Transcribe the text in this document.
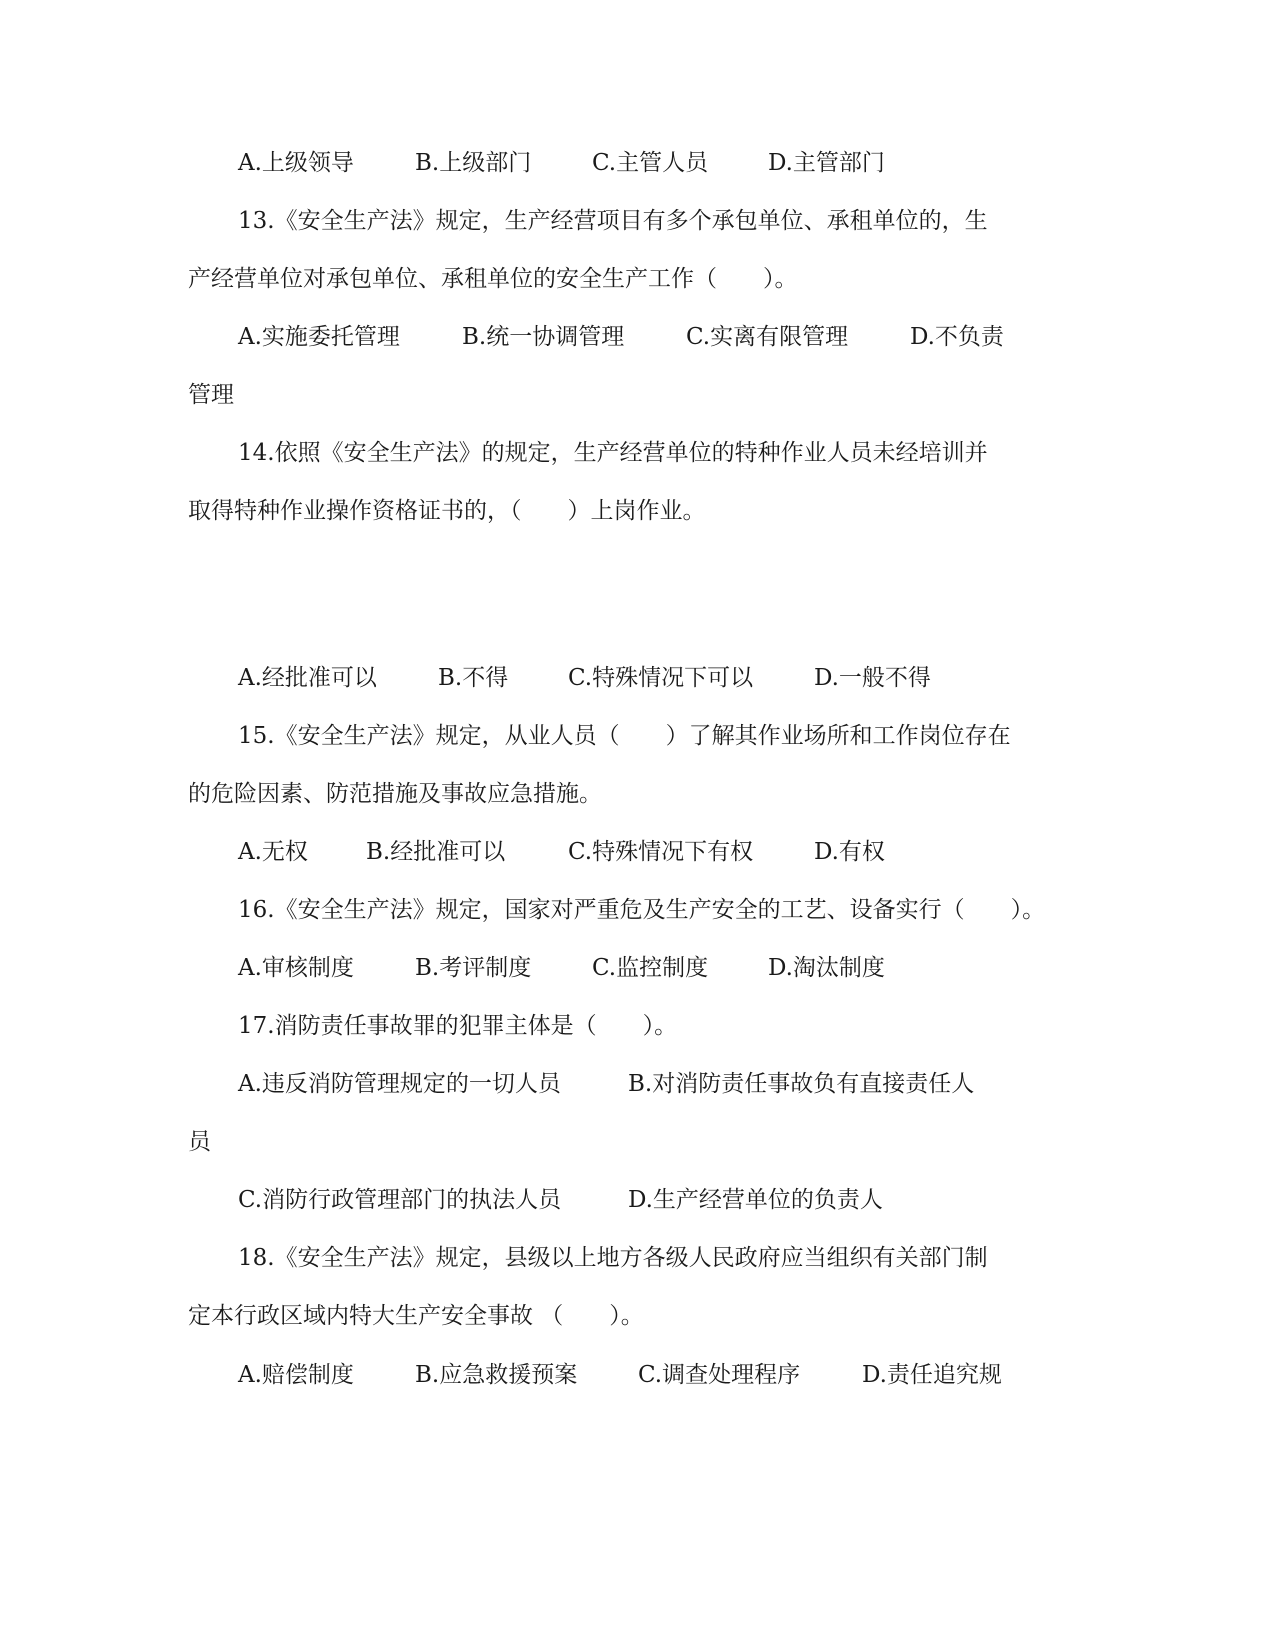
A.上级领导	B.上级部门	C.主管人员	D.主管部门
13.《安全生产法》规定，生产经营项目有多个承包单位、承租单位的，生
产经营单位对承包单位、承租单位的安全生产工作（　　）。
A.实施委托管理	B.统一协调管理	C.实离有限管理	D.不负责
管理
14.依照《安全生产法》的规定，生产经营单位的特种作业人员未经培训并
取得特种作业操作资格证书的，（　　）上岗作业。
A.经批准可以	B.不得	C.特殊情况下可以	D.一般不得
15.《安全生产法》规定，从业人员（　　）了解其作业场所和工作岗位存在
的危险因素、防范措施及事故应急措施。
A.无权	B.经批准可以	C.特殊情况下有权	D.有权
16.《安全生产法》规定，国家对严重危及生产安全的工艺、设备实行（　　）。
A.审核制度	B.考评制度	C.监控制度	D.淘汰制度
17.消防责任事故罪的犯罪主体是（　　）。
A.违反消防管理规定的一切人员	B.对消防责任事故负有直接责任人
员
C.消防行政管理部门的执法人员	D.生产经营单位的负责人
18.《安全生产法》规定，县级以上地方各级人民政府应当组织有关部门制
定本行政区域内特大生产安全事故 （　　）。
A.赔偿制度	B.应急救援预案	C.调查处理程序	D.责任追究规
